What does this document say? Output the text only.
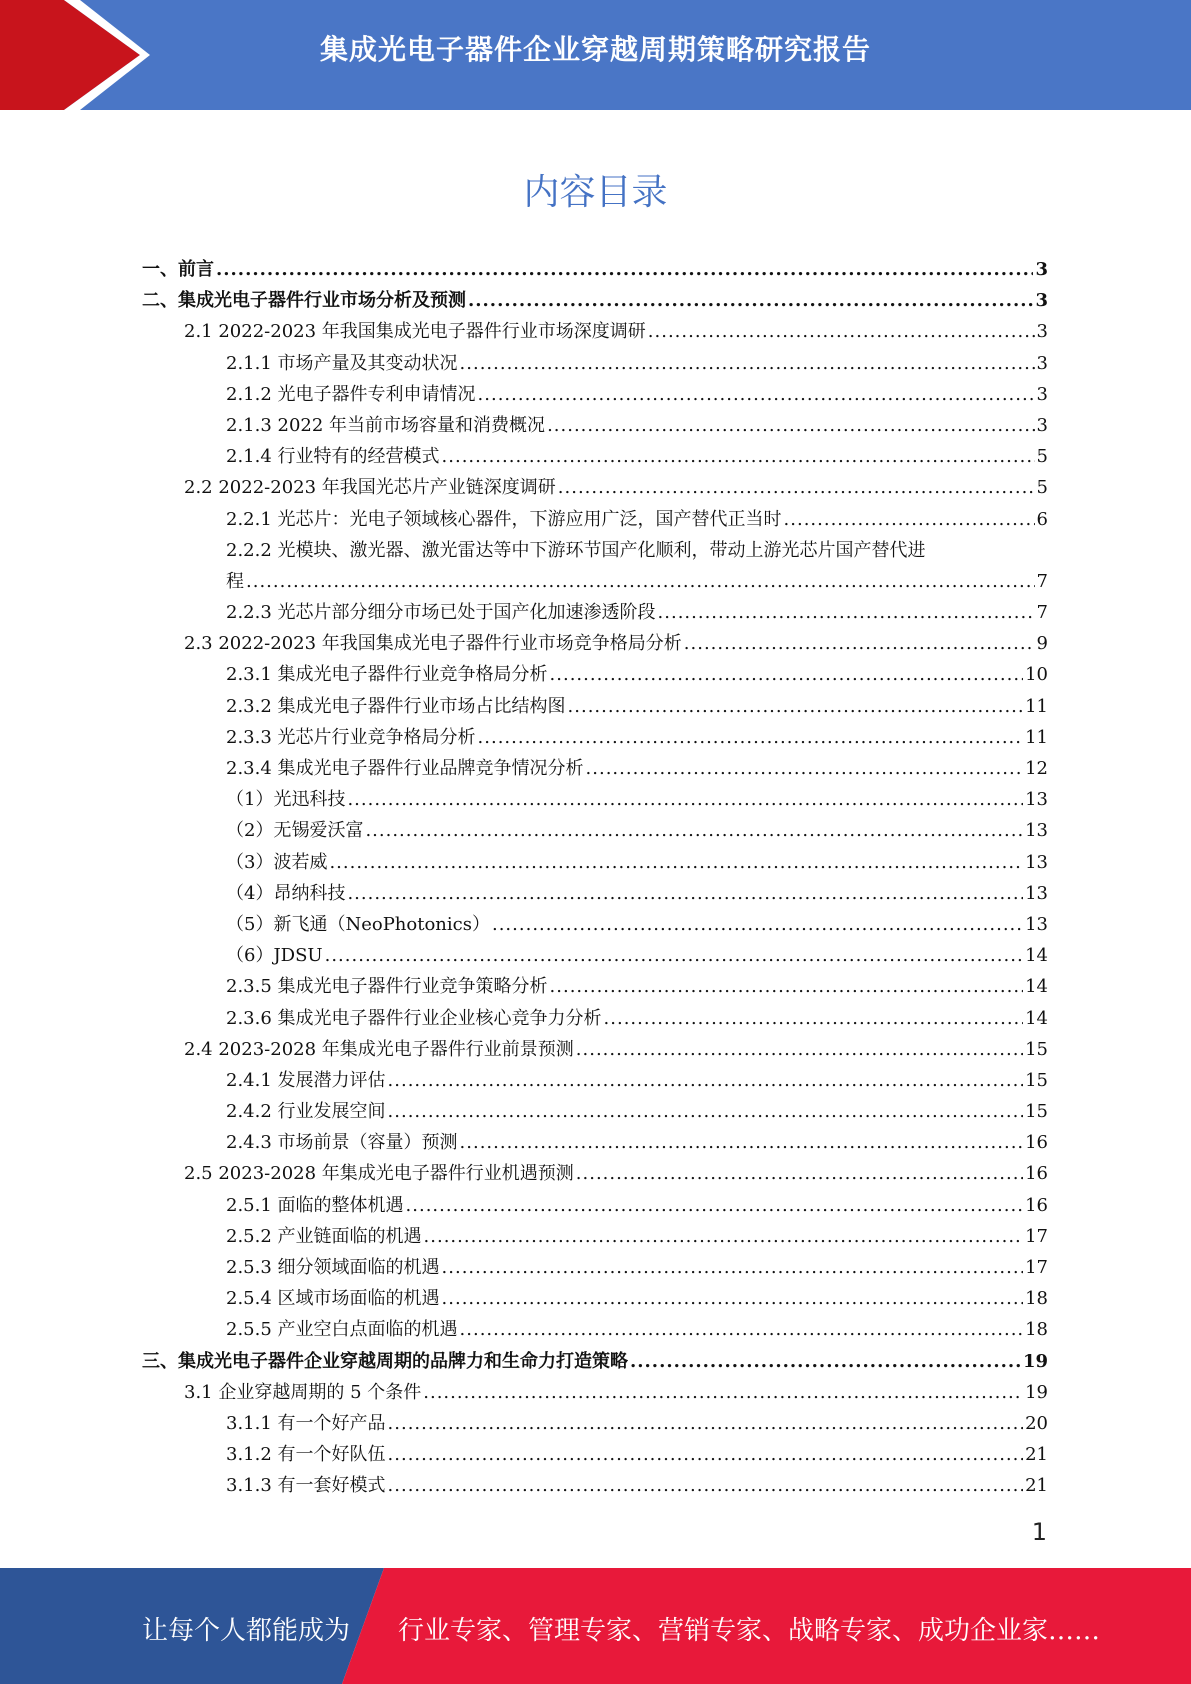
集成光电子器件企业穿越周期策略研究报告
内容目录
一、前言 .....	3
二、集成光电子器件行业市场分析及预测 .....	3
2.1 2022-2023 年我国集成光电子器件行业市场深度调研 .....	3
2.1.1 市场产量及其变动状况 .....	3
2.1.2 光电子器件专利申请情况 .....	3
2.1.3 2022 年当前市场容量和消费概况 .....	3
2.1.4 行业特有的经营模式 .....	5
2.2 2022-2023 年我国光芯片产业链深度调研 .....	5
2.2.1 光芯片：光电子领域核心器件，下游应用广泛，国产替代正当时 .....	6
2.2.2 光模块、激光器、激光雷达等中下游环节国产化顺利，带动上游光芯片国产替代进
程 .....	7
2.2.3 光芯片部分细分市场已处于国产化加速渗透阶段 .....	7
2.3 2022-2023 年我国集成光电子器件行业市场竞争格局分析 .....	9
2.3.1 集成光电子器件行业竞争格局分析 .....	10
2.3.2 集成光电子器件行业市场占比结构图 .....	11
2.3.3 光芯片行业竞争格局分析 .....	11
2.3.4 集成光电子器件行业品牌竞争情况分析 .....	12
（1）光迅科技 .....	13
（2）无锡爱沃富 .....	13
（3）波若威 .....	13
（4）昂纳科技 .....	13
（5）新飞通（NeoPhotonics） .....	13
（6）JDSU .....	14
2.3.5 集成光电子器件行业竞争策略分析 .....	14
2.3.6 集成光电子器件行业企业核心竞争力分析 .....	14
2.4 2023-2028 年集成光电子器件行业前景预测 .....	15
2.4.1 发展潜力评估 .....	15
2.4.2 行业发展空间 .....	15
2.4.3 市场前景（容量）预测 .....	16
2.5 2023-2028 年集成光电子器件行业机遇预测 .....	16
2.5.1 面临的整体机遇 .....	16
2.5.2 产业链面临的机遇 .....	17
2.5.3 细分领域面临的机遇 .....	17
2.5.4 区域市场面临的机遇 .....	18
2.5.5 产业空白点面临的机遇 .....	18
三、集成光电子器件企业穿越周期的品牌力和生命力打造策略 .....	19
3.1 企业穿越周期的 5 个条件 .....	19
3.1.1 有一个好产品 .....	20
3.1.2 有一个好队伍 .....	21
3.1.3 有一套好模式 .....	21
1
让每个人都能成为 行业专家、管理专家、营销专家、战略专家、成功企业家……
